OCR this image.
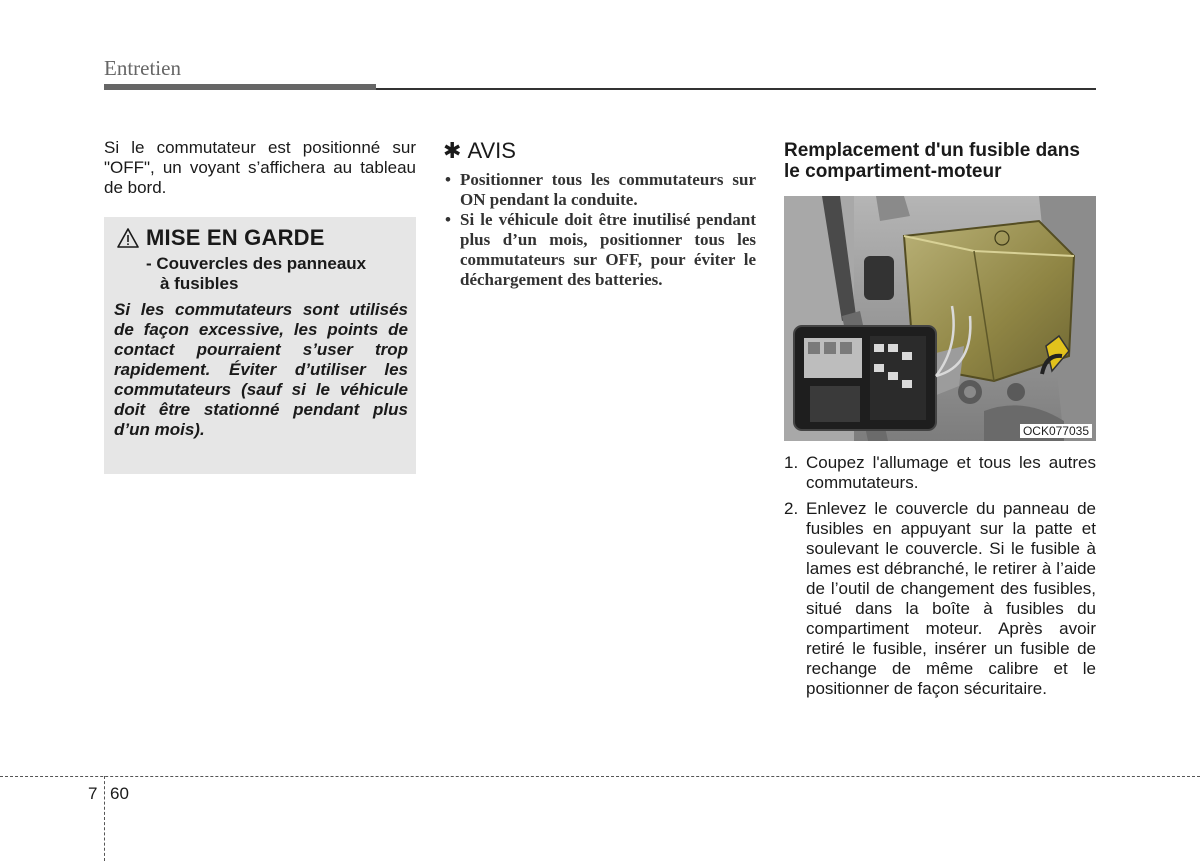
Entretien

Si le commutateur est positionné sur "OFF", un voyant s’affichera au tableau de bord.

MISE EN GARDE
- Couvercles des panneaux
à fusibles

Si les commutateurs sont utilisés de façon excessive, les points de contact pourraient s’user trop rapidement. Éviter d’utiliser les commutateurs (sauf si le véhicule doit être stationné pendant plus d’un mois).

✱ AVIS
• Positionner tous les commutateurs sur ON pendant la conduite.
• Si le véhicule doit être inutilisé pendant plus d’un mois, positionner tous les commutateurs sur OFF, pour éviter le déchargement des batteries.
Remplacement d'un fusible dans le compartiment-moteur
OCK077035
1. Coupez l'allumage et tous les autres commutateurs.
2. Enlevez le couvercle du panneau de fusibles en appuyant sur la patte et soulevant le couvercle. Si le fusible à lames est débranché, le retirer à l’aide de l’outil de changement des fusibles, situé dans la boîte à fusibles du compartiment moteur. Après avoir retiré le fusible, insérer un fusible de rechange de même calibre et le positionner de façon sécuritaire.
7 60
